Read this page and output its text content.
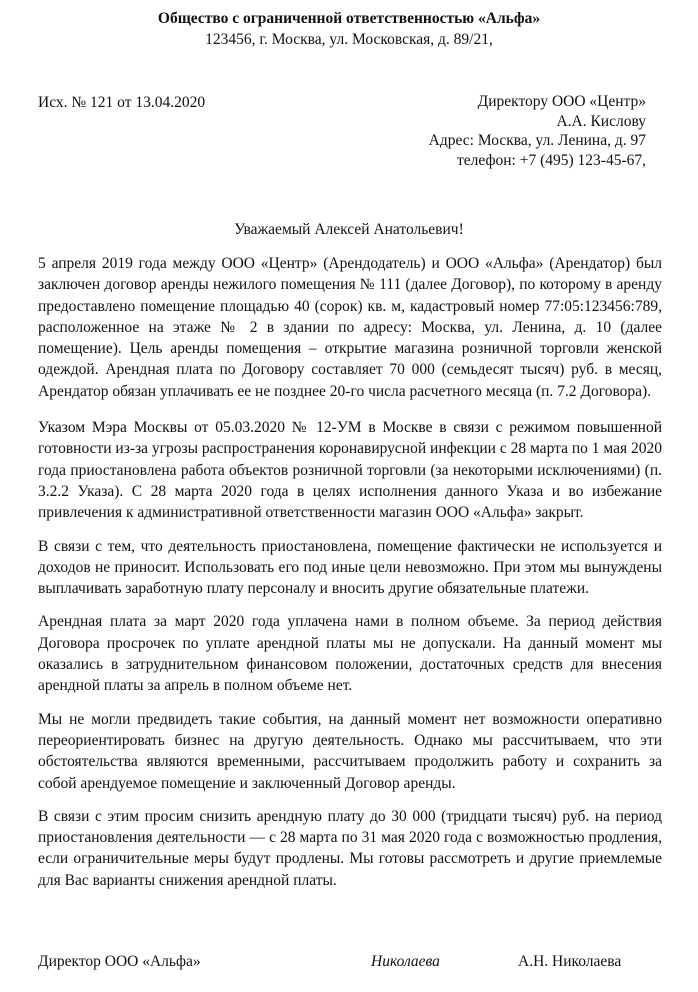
Общество с ограниченной ответственностью «Альфа»
123456, г. Москва, ул. Московская, д. 89/21,
Исх. № 121 от 13.04.2020	Директору ООО «Центр»
А.А. Кислову
Адрес: Москва, ул. Ленина, д. 97
телефон: +7 (495) 123-45-67,
Уважаемый Алексей Анатольевич!

5 апреля 2019 года между ООО «Центр» (Арендодатель) и ООО «Альфа» (Арендатор) был заключен договор аренды нежилого помещения № 111 (далее Договор), по которому в аренду предоставлено помещение площадью 40 (сорок) кв. м, кадастровый номер 77:05:123456:789, расположенное на этаже № 2 в здании по адресу: Москва, ул. Ленина, д. 10 (далее помещение). Цель аренды помещения – открытие магазина розничной торговли женской одеждой. Арендная плата по Договору составляет 70 000 (семьдесят тысяч) руб. в месяц, Арендатор обязан уплачивать ее не позднее 20-го числа расчетного месяца (п. 7.2 Договора).

Указом Мэра Москвы от 05.03.2020 № 12-УМ в Москве в связи с режимом повышенной готовности из-за угрозы распространения коронавирусной инфекции с 28 марта по 1 мая 2020 года приостановлена работа объектов розничной торговли (за некоторыми исключениями) (п. 3.2.2 Указа). С 28 марта 2020 года в целях исполнения данного Указа и во избежание привлечения к административной ответственности магазин ООО «Альфа» закрыт.

В связи с тем, что деятельность приостановлена, помещение фактически не используется и доходов не приносит. Использовать его под иные цели невозможно. При этом мы вынуждены выплачивать заработную плату персоналу и вносить другие обязательные платежи.

Арендная плата за март 2020 года уплачена нами в полном объеме. За период действия Договора просрочек по уплате арендной платы мы не допускали. На данный момент мы оказались в затруднительном финансовом положении, достаточных средств для внесения арендной платы за апрель в полном объеме нет.

Мы не могли предвидеть такие события, на данный момент нет возможности оперативно переориентировать бизнес на другую деятельность. Однако мы рассчитываем, что эти обстоятельства являются временными, рассчитываем продолжить работу и сохранить за собой арендуемое помещение и заключенный Договор аренды.

В связи с этим просим снизить арендную плату до 30 000 (тридцати тысяч) руб. на период приостановления деятельности — с 28 марта по 31 мая 2020 года с возможностью продления, если ограничительные меры будут продлены. Мы готовы рассмотреть и другие приемлемые для Вас варианты снижения арендной платы.

Директор ООО «Альфа»	Николаева	А.Н. Николаева
